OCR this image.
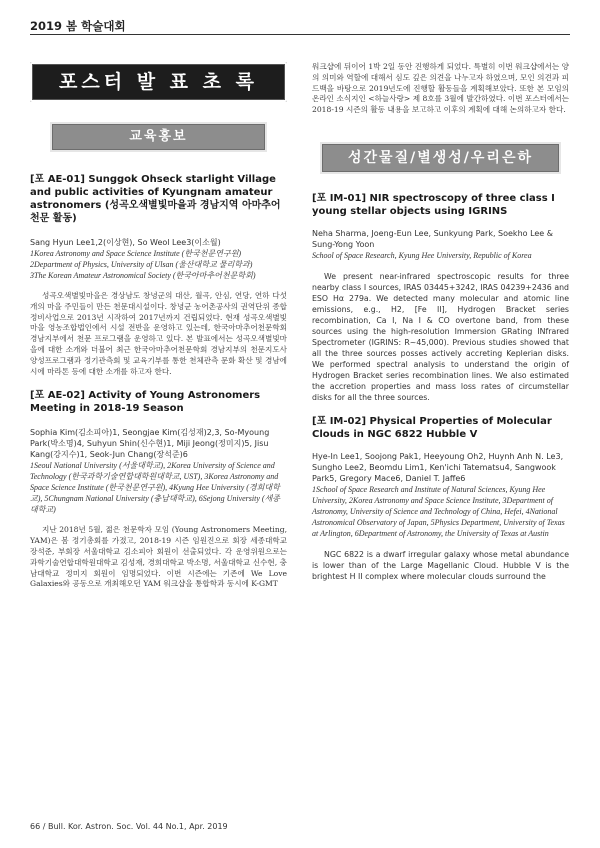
2019 봄 학술대회
포스터 발 표 초 록
교육홍보

[포 AE-01] Sunggok Ohseck starlight Village and public activities of Kyungnam amateur astronomers (성곡오색별빛마을과 경남지역 아마추어천문 활동)

Sang Hyun Lee1,2(이상현), So Weol Lee3(이소월)

1Korea Astronomy and Space Science Institute (한국천문연구원)

2Department of Physics, University of Ulsan (울산대학교 물리학과)

3The Korean Amateur Astronomical Society (한국아마추어천문학회)

성곡오색별빛마을은 경상남도 창녕군의 대산, 월곡, 안심, 연당, 연하 다섯 개의 마을 주민들이 만든 천문대시설이다. 창녕군 농어촌공사의 권역단위 종합정비사업으로 2013년 시작하여 2017년까지 건립되었다. 현재 성곡오색별빛마을 영농조합법인에서 시설 전반을 운영하고 있는데, 한국아마추어천문학회 경남지부에서 천문 프로그램을 운영하고 있다. 본 발표에서는 성곡오색별빛마을에 대한 소개와 더불어 최근 한국아마추어천문학회 경남지부의 천문지도사 양성프로그램과 정기관측회 및 교육기부를 통한 천체관측 문화 확산 및 경남에시에 마라톤 등에 대한 소개를 하고자 한다.

[포 AE-02] Activity of Young Astronomers Meeting in 2018-19 Season

Sophia Kim(김소피아)1, Seongjae Kim(김성재)2,3, So-Myoung Park(박소명)4, Suhyun Shin(신수현)1, Miji Jeong(정미지)5, Jisu Kang(강지수)1, Seok-Jun Chang(장석준)6

1Seoul National University (서울대학교), 2Korea University of Science and Technology (한국과학기술연합대학원대학교, UST), 3Korea Astronomy and Space Science Institute (한국천문연구원), 4Kyung Hee University (경희대학교), 5Chungnam National University (충남대학교), 6Sejong University (세종대학교)

지난 2018년 5월, 젊은 천문학자 모임 (Young Astronomers Meeting, YAM)은 봄 정기총회를 가졌고, 2018-19 시즌 임원진으로 회장 세종대학교 장석준, 부회장 서울대학교 김소피아 회원이 선출되었다. 각 운영위원으로는 과학기술연합대학원대학교 김성재, 경희대학교 박소명, 서울대학교 신수현, 충남대학교 정미지 회원이 임명되었다. 이번 시즌에는 기존에 We Love Galaxies와 공동으로 개최해오던 YAM 워크샵을 통합학과 동시에 K-GMT

워크샵에 뒤이어 1박 2일 동안 진행하게 되었다. 특별히 이번 워크샵에서는 양의 의미와 역할에 대해서 심도 깊은 의견을 나누고자 하였으며, 모인 의견과 피드백을 바탕으로 2019년도에 진행할 활동들을 계획해보았다. 또한 본 모임의 온라인 소식지인 <하늘사랑> 제 8호를 3월에 발간하였다. 이번 포스터에서는 2018-19 시즌의 활동 내용을 보고하고 이후의 계획에 대해 논의하고자 한다.

성간물질/별생성/우리은하

[포 IM-01] NIR spectroscopy of three class I young stellar objects using IGRINS

Neha Sharma, Joeng-Eun Lee, Sunkyung Park, Soekho Lee & Sung-Yong Yoon

School of Space Research, Kyung Hee University, Republic of Korea

We present near-infrared spectroscopic results for three nearby class I sources, IRAS 03445+3242, IRAS 04239+2436 and ESO Hα 279a. We detected many molecular and atomic line emissions, e.g., H2, [Fe II], Hydrogen Bracket series recombination, Ca I, Na I & CO overtone band, from these sources using the high-resolution Immersion GRating INfrared Spectrometer (IGRINS: R~45,000). Previous studies showed that all the three sources posses actively accreting Keplerian disks. We performed spectral analysis to understand the origin of Hydrogen Bracket series recombination lines. We also estimated the accretion properties and mass loss rates of circumstellar disks for all the three sources.

[포 IM-02] Physical Properties of Molecular Clouds in NGC 6822 Hubble V

Hye-In Lee1, Soojong Pak1, Heeyoung Oh2, Huynh Anh N. Le3, Sungho Lee2, Beomdu Lim1, Ken'ichi Tatematsu4, Sangwook Park5, Gregory Mace6, Daniel T. Jaffe6

1School of Space Research and Institute of Natural Sciences, Kyung Hee University, 2Korea Astronomy and Space Science Institute, 3Department of Astronomy, University of Science and Technology of China, Hefei, 4National Astronomical Observatory of Japan, 5Physics Department, University of Texas at Arlington, 6Department of Astronomy, the University of Texas at Austin

NGC 6822 is a dwarf irregular galaxy whose metal abundance is lower than of the Large Magellanic Cloud. Hubble V is the brightest H II complex where molecular clouds surround the

66 / Bull. Kor. Astron. Soc. Vol. 44 No.1, Apr. 2019
